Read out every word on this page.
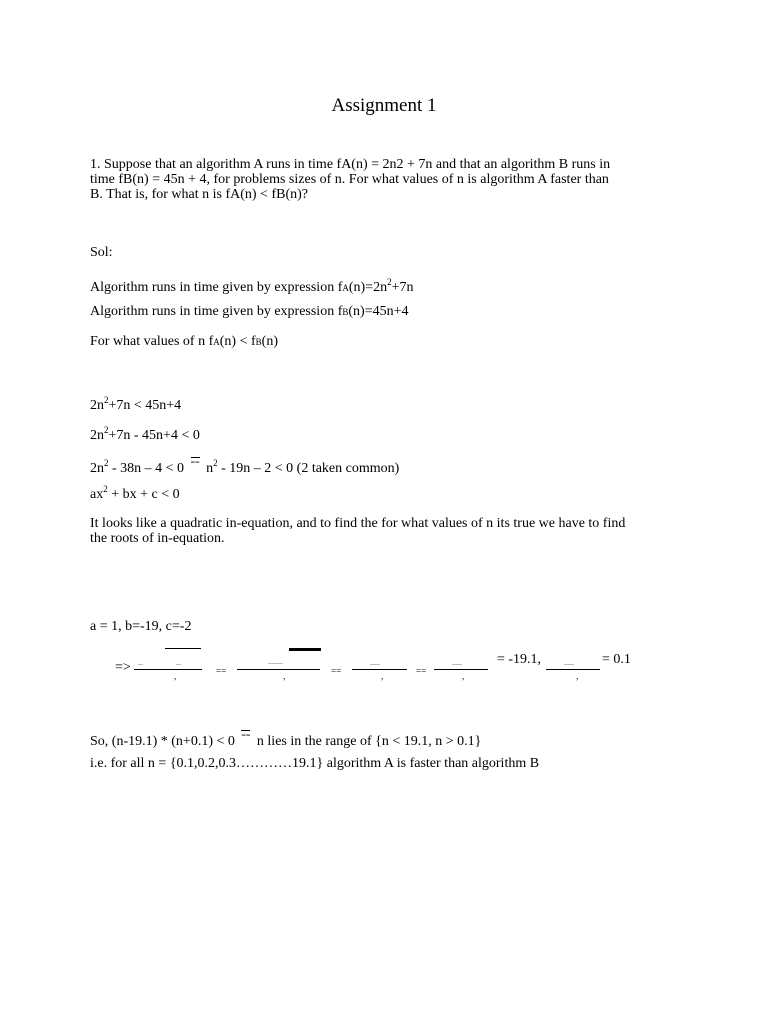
Assignment 1
1. Suppose that an algorithm A runs in time fA(n) = 2n2 + 7n and that an algorithm B runs in
time fB(n) = 45n + 4, for problems sizes of n. For what values of n is algorithm A faster than
B. That is, for what n is fA(n) < fB(n)?
Sol:
Algorithm runs in time given by expression $fA(n)=2n^2+7n$
Algorithm runs in time given by expression fB(n)=45n+4
For what values of n fA(n) < fB(n)
$2n^2+7n < 45n+4$
$2n^2+7n - 45n+4 < 0$
$2n^2 - 38n - 4 < 0 == n^2 - 19n - 2 < 0$ (2 taken common)
$ax^2$ + bx + c < 0
It looks like a quadratic in-equation, and to find the for what values of n its true we have to find
the roots of in-equation.
a = 1, b=-19, c=-2
=> —	—
,	==
———
,	==
——
,	==
——
,
= -19.1,	——
,
= 0.1
So, (n-19.1) * (n+0.1) < 0 == n lies in the range of {n < 19.1, n > 0.1}
i.e. for all n = {0.1,0.2,0.3…………19.1} algorithm A is faster than algorithm B
